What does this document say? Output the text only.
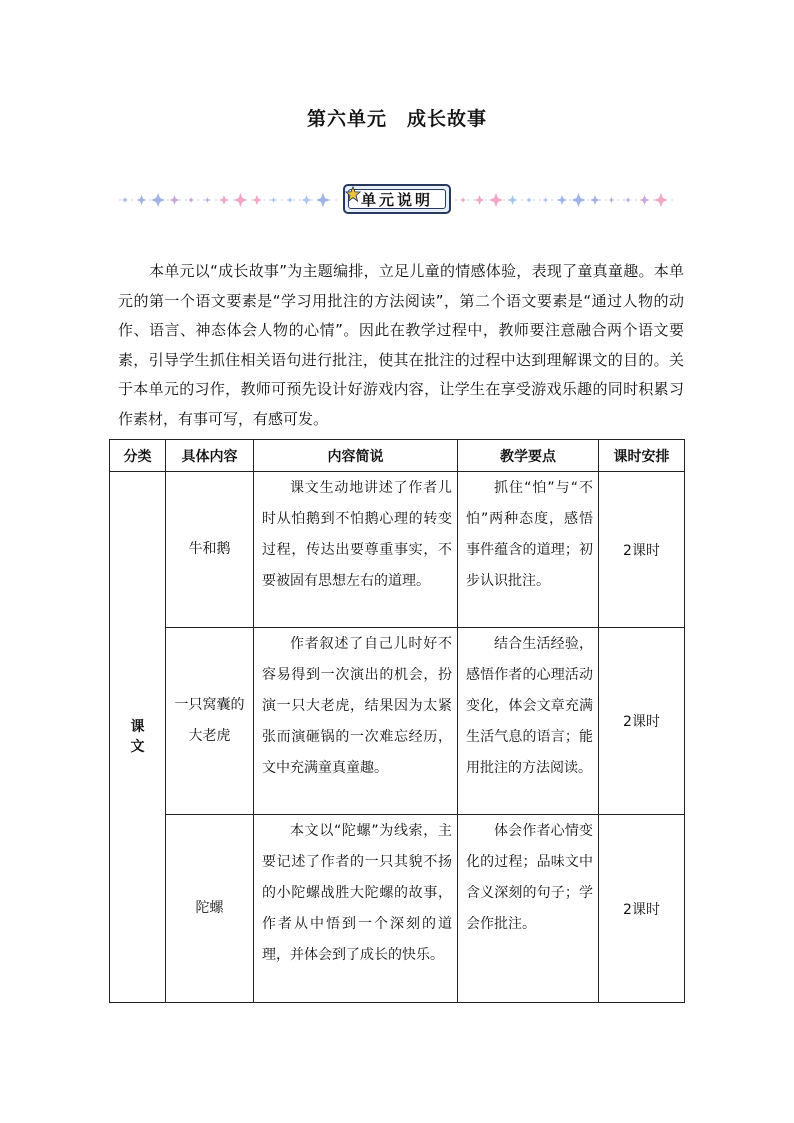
第六单元　成长故事
单元说明
本单元以“成长故事”为主题编排，立足儿童的情感体验，表现了童真童趣。本单元的第一个语文要素是“学习用批注的方法阅读”，第二个语文要素是“通过人物的动作、语言、神态体会人物的心情”。因此在教学过程中，教师要注意融合两个语文要素，引导学生抓住相关语句进行批注，使其在批注的过程中达到理解课文的目的。关于本单元的习作，教师可预先设计好游戏内容，让学生在享受游戏乐趣的同时积累习作素材，有事可写，有感可发。
分类	具体内容	内容简说	教学要点	课时安排
课文	牛和鹅	课文生动地讲述了作者儿时从怕鹅到不怕鹅心理的转变过程，传达出要尊重事实，不要被固有思想左右的道理。	抓住“怕”与“不怕”两种态度，感悟事件蕴含的道理；初步认识批注。	2课时
	一只窝囊的大老虎	作者叙述了自己儿时好不容易得到一次演出的机会，扮演一只大老虎，结果因为太紧张而演砸锅的一次难忘经历，文中充满童真童趣。	结合生活经验，感悟作者的心理活动变化，体会文章充满生活气息的语言；能用批注的方法阅读。	2课时
	陀螺	本文以“陀螺”为线索，主要记述了作者的一只其貌不扬的小陀螺战胜大陀螺的故事，作者从中悟到一个深刻的道理，并体会到了成长的快乐。	体会作者心情变化的过程；品味文中含义深刻的句子；学会作批注。	2课时
